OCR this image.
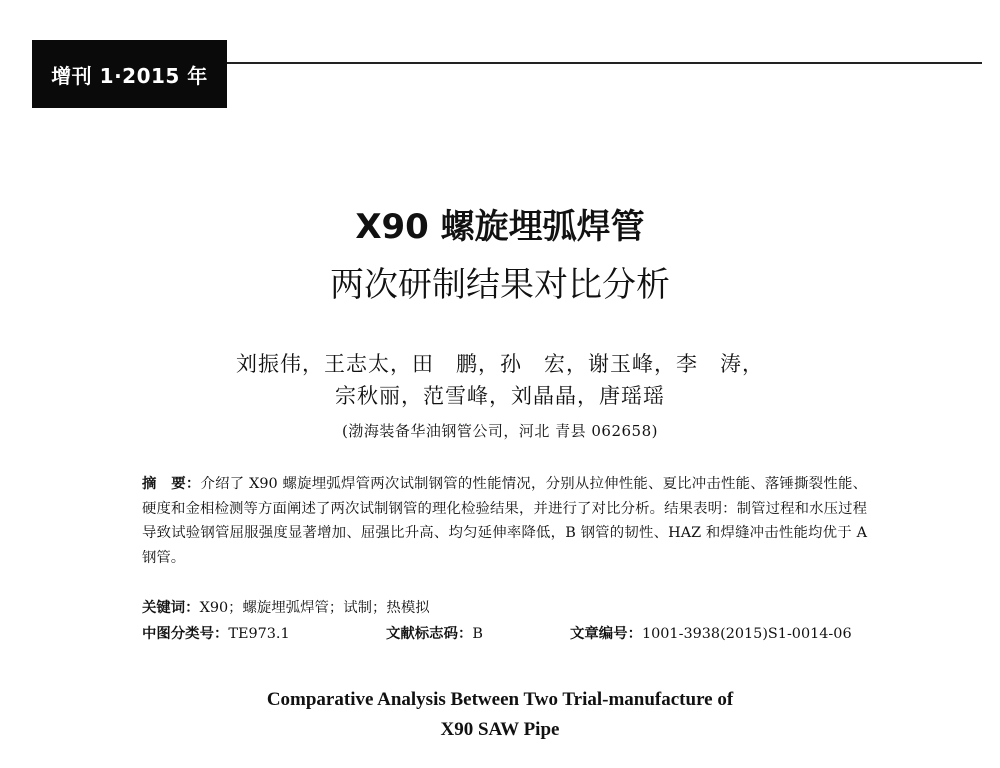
增刊 1·2015 年
X90 螺旋埋弧焊管
两次研制结果对比分析
刘振伟，王志太，田　鹏，孙　宏，谢玉峰，李　涛，
宗秋丽，范雪峰，刘晶晶，唐瑶瑶
(渤海装备华油钢管公司，河北 青县 062658)
摘　要：介绍了 X90 螺旋埋弧焊管两次试制钢管的性能情况，分别从拉伸性能、夏比冲击性能、落锤撕裂性能、硬度和金相检测等方面阐述了两次试制钢管的理化检验结果，并进行了对比分析。结果表明：制管过程和水压过程导致试验钢管屈服强度显著增加、屈强比升高、均匀延伸率降低，B 钢管的韧性、HAZ 和焊缝冲击性能均优于 A 钢管。
关键词：X90；螺旋埋弧焊管；试制；热模拟
中图分类号：TE973.1	文献标志码：B	文章编号：1001-3938(2015)S1-0014-06
Comparative Analysis Between Two Trial-manufacture of
X90 SAW Pipe
